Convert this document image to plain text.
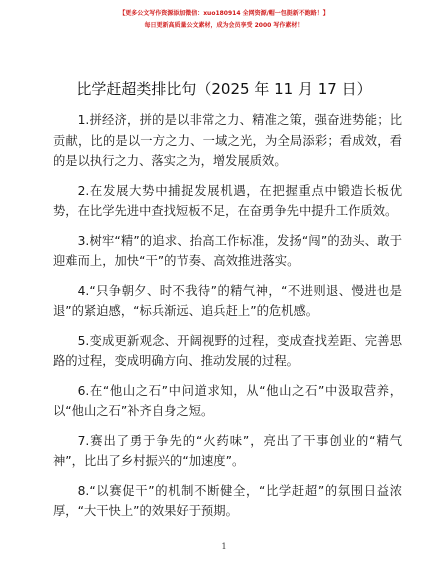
【更多公文写作资源添加微信：xuo180914 全网资源/帽一包挺新不跑路！】
每日更新高质量公文素材，成为会员享受 2000 写作素材！
比学赶超类排比句（2025 年 11 月 17 日）

1.拼经济，拼的是以非常之力、精准之策，强奋进势能；比贡献，比的是以一方之力、一域之光，为全局添彩；看成效，看的是以执行之力、落实之为，增发展质效。

2.在发展大势中捕捉发展机遇，在把握重点中锻造长板优势，在比学先进中查找短板不足，在奋勇争先中提升工作质效。

3.树牢“精”的追求、抬高工作标准，发扬“闯”的劲头、敢于迎难而上，加快“干”的节奏、高效推进落实。

4.“只争朝夕、时不我待”的精气神，“不进则退、慢进也是退”的紧迫感，“标兵渐远、追兵赶上”的危机感。

5.变成更新观念、开阔视野的过程，变成查找差距、完善思路的过程，变成明确方向、推动发展的过程。

6.在“他山之石”中问道求知，从“他山之石”中汲取营养，以“他山之石”补齐自身之短。

7.赛出了勇于争先的“火药味”，亮出了干事创业的“精气神”，比出了乡村振兴的“加速度”。

8.“以赛促干”的机制不断健全，“比学赶超”的氛围日益浓厚，“大干快上”的效果好于预期。

1
